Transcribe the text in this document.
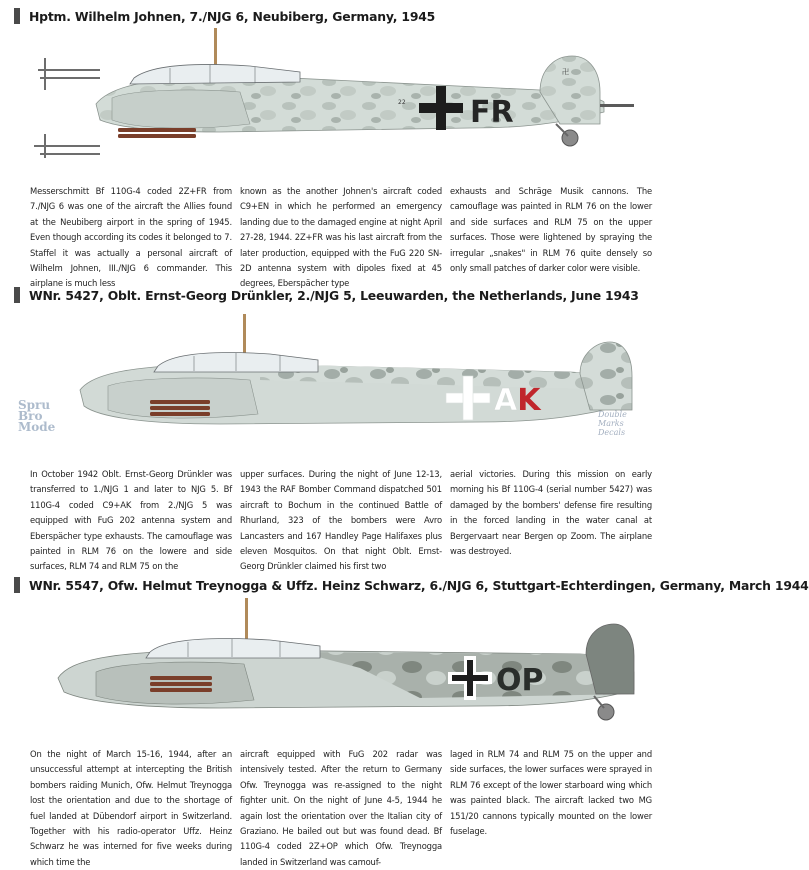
Hptm. Wilhelm Johnen, 7./NJG 6, Neubiberg, Germany, 1945
卍
22 FR
Messerschmitt Bf 110G-4 coded 2Z+FR from 7./NJG 6 was one of the aircraft the Allies found at the Neubiberg airport in the spring of 1945. Even though according its codes it belonged to 7. Staffel it was actually a personal aircraft of Wilhelm Johnen, III./NJG 6 commander. This airplane is much less
known as the another Johnen's aircraft coded C9+EN in which he performed an emergency landing due to the damaged engine at night April 27-28, 1944. 2Z+FR was his last aircraft from the later production, equipped with the FuG 220 SN-2D antenna system with dipoles fixed at 45 degrees, Eberspächer type
exhausts and Schräge Musik cannons. The camouflage was painted in RLM 76 on the lower and side surfaces and RLM 75 on the upper surfaces. Those were lightened by spraying the irregular „snakes" in RLM 76 quite densely so only small patches of darker color were visible.
WNr. 5427, Oblt. Ernst-Georg Drünkler, 2./NJG 5, Leeuwarden, the Netherlands, June 1943
AK
Spru
Bro
Mode
Double
Marks
Decals
In October 1942 Oblt. Ernst-Georg Drünkler was transferred to 1./NJG 1 and later to NJG 5. Bf 110G-4 coded C9+AK from 2./NJG 5 was equipped with FuG 202 antenna system and Eberspächer type exhausts. The camouflage was painted in RLM 76 on the lowere and side surfaces, RLM 74 and RLM 75 on the
upper surfaces. During the night of June 12-13, 1943 the RAF Bomber Command dispatched 501 aircraft to Bochum in the continued Battle of Rhurland, 323 of the bombers were Avro Lancasters and 167 Handley Page Halifaxes plus eleven Mosquitos. On that night Oblt. Ernst-Georg Drünkler claimed his first two
aerial victories. During this mission on early morning his Bf 110G-4 (serial number 5427) was damaged by the bombers' defense fire resulting in the forced landing in the water canal at Bergervaart near Bergen op Zoom. The airplane was destroyed.
WNr. 5547, Ofw. Helmut Treynogga & Uffz. Heinz Schwarz, 6./NJG 6, Stuttgart-Echterdingen, Germany, March 1944
OP
On the night of March 15-16, 1944, after an unsuccessful attempt at intercepting the British bombers raiding Munich, Ofw. Helmut Treynogga lost the orientation and due to the shortage of fuel landed at Dübendorf airport in Switzerland. Together with his radio-operator Uffz. Heinz Schwarz he was interned for five weeks during which time the
aircraft equipped with FuG 202 radar was intensively tested. After the return to Germany Ofw. Treynogga was re-assigned to the night fighter unit. On the night of June 4-5, 1944 he again lost the orientation over the Italian city of Graziano. He bailed out but was found dead. Bf 110G-4 coded 2Z+OP which Ofw. Treynogga landed in Switzerland was camouf-
laged in RLM 74 and RLM 75 on the upper and side surfaces, the lower surfaces were sprayed in RLM 76 except of the lower starboard wing which was painted black. The aircraft lacked two MG 151/20 cannons typically mounted on the lower fuselage.
